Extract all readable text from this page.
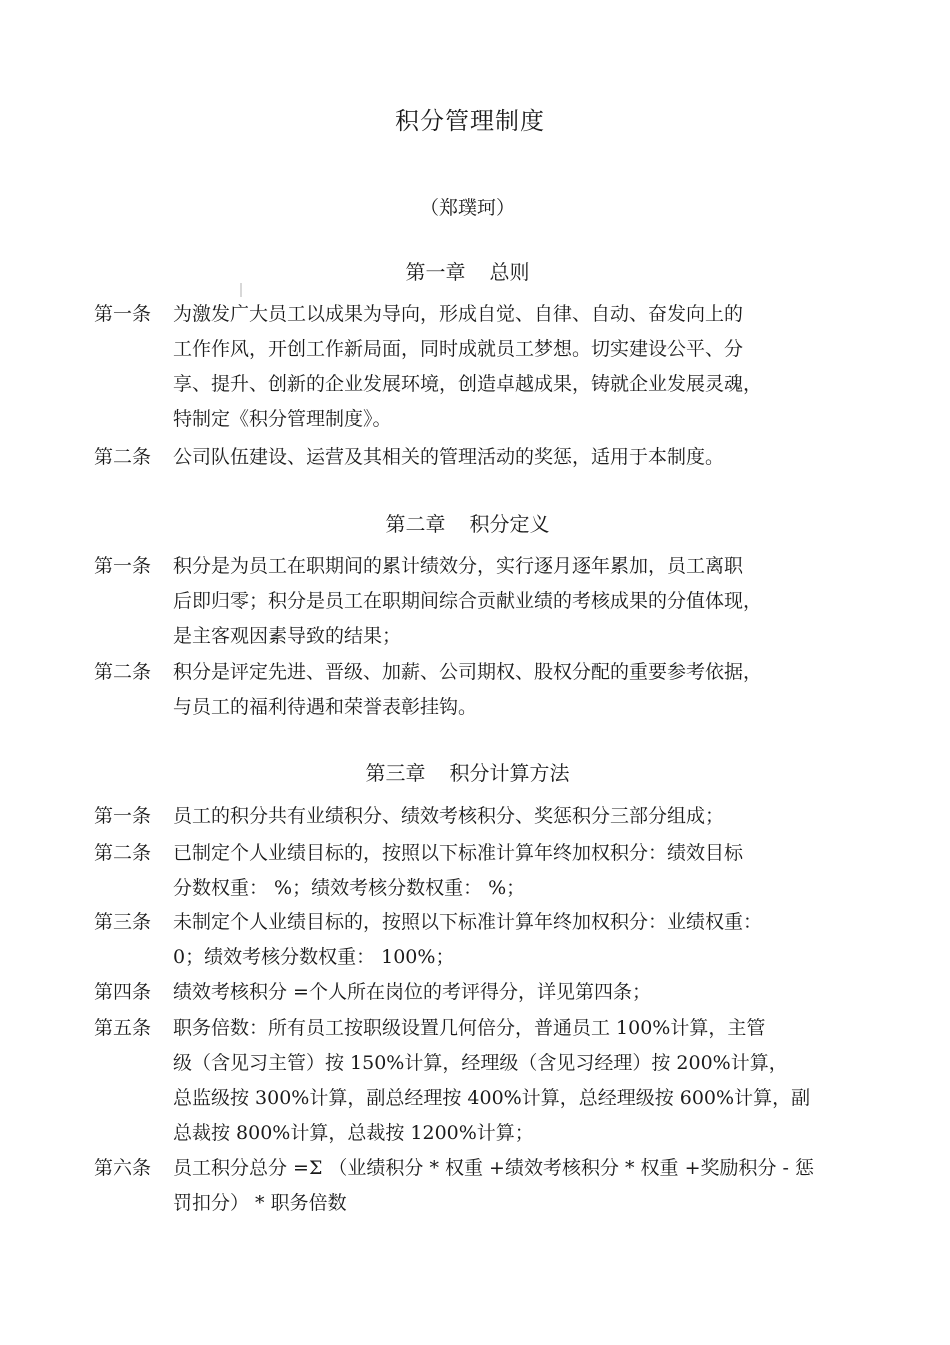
积分管理制度
（郑璞珂）
第一章 总则
第一条 为激发广大员工以成果为导向，形成自觉、自律、自动、奋发向上的
工作作风，开创工作新局面，同时成就员工梦想。切实建设公平、分
享、提升、创新的企业发展环境，创造卓越成果，铸就企业发展灵魂，
特制定《积分管理制度》。
第二条 公司队伍建设、运营及其相关的管理活动的奖惩，适用于本制度。
第二章 积分定义
第一条 积分是为员工在职期间的累计绩效分，实行逐月逐年累加，员工离职
后即归零；积分是员工在职期间综合贡献业绩的考核成果的分值体现，
是主客观因素导致的结果；
第二条 积分是评定先进、晋级、加薪、公司期权、股权分配的重要参考依据，
与员工的福利待遇和荣誉表彰挂钩。
第三章 积分计算方法
第一条 员工的积分共有业绩积分、绩效考核积分、奖惩积分三部分组成；
第二条 已制定个人业绩目标的，按照以下标准计算年终加权积分：绩效目标
分数权重： %；绩效考核分数权重： %；
第三条 未制定个人业绩目标的，按照以下标准计算年终加权积分：业绩权重：
0；绩效考核分数权重： 100%；
第四条 绩效考核积分 =个人所在岗位的考评得分，详见第四条；
第五条 职务倍数：所有员工按职级设置几何倍分，普通员工 100%计算，主管
级（含见习主管）按 150%计算，经理级（含见习经理）按 200%计算，
总监级按 300%计算，副总经理按 400%计算，总经理级按 600%计算，副
总裁按 800%计算，总裁按 1200%计算；
第六条 员工积分总分 =Σ （业绩积分 * 权重 +绩效考核积分 * 权重 +奖励积分 - 惩
罚扣分） * 职务倍数
